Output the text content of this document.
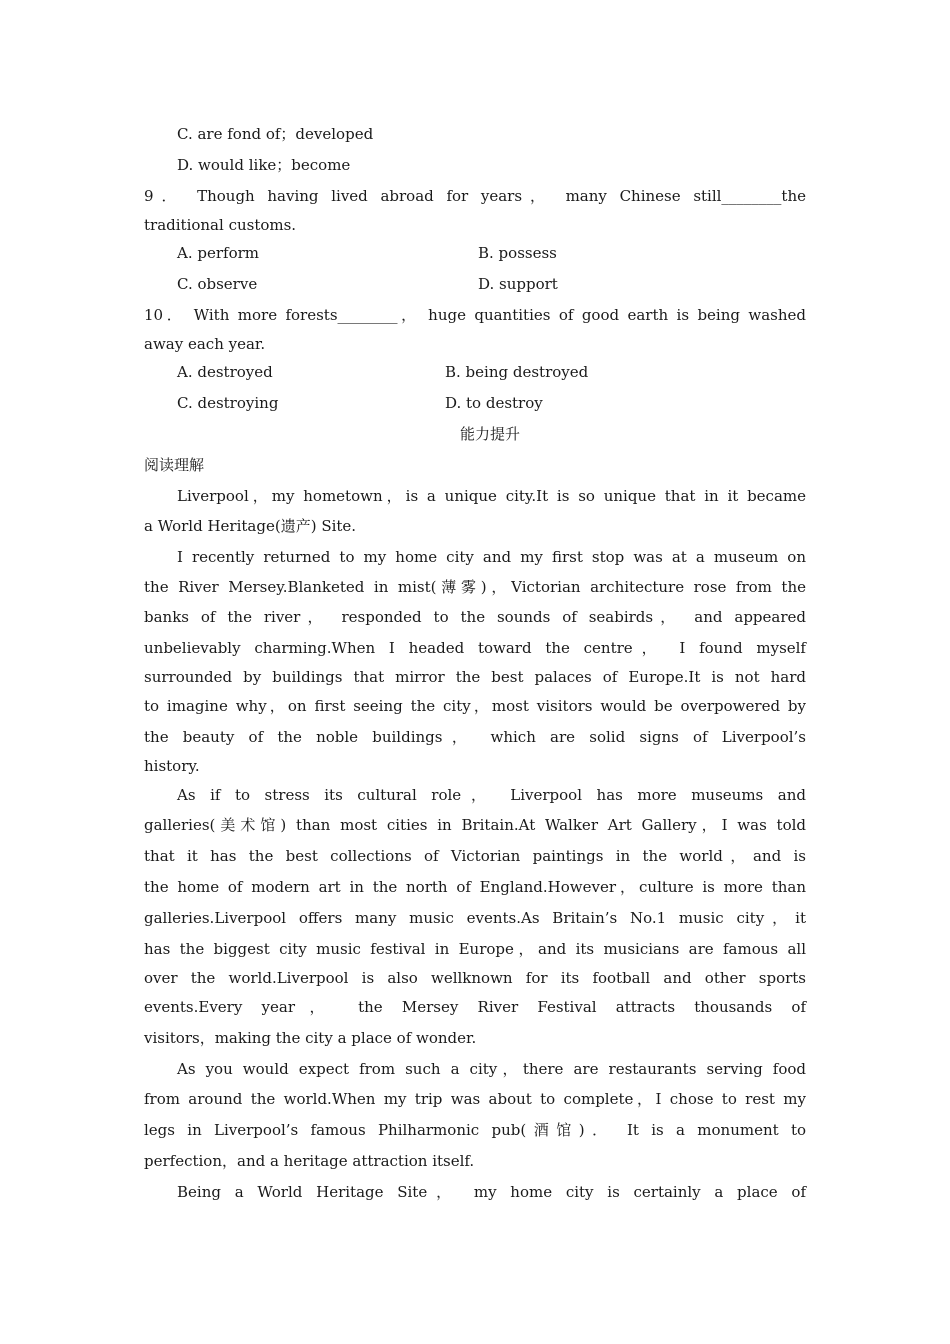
C. are fond of；developed
D. would like；become
9． Though having lived abroad for years， many Chinese still________the
traditional customs.
A. perform	B. possess
C. observe	D. support
10． With more forests________， huge quantities of good earth is being washed
away each year.
A. destroyed	B. being destroyed
C. destroying	D. to destroy
能力提升
阅读理解
Liverpool，my hometown，is a unique city.It is so unique that in it became
a World Heritage(遗产) Site.
I recently returned to my home city and my first stop was at a museum on
the River Mersey.Blanketed in mist(薄雾)，Victorian architecture rose from the
banks of the river， responded to the sounds of seabirds， and appeared
unbelievably charming.When I headed toward the centre， I found myself
surrounded by buildings that mirror the best palaces of Europe.It is not hard
to imagine why，on first seeing the city，most visitors would be overpowered by
the beauty of the noble buildings， which are solid signs of Liverpool’s
history.
As if to stress its cultural role， Liverpool has more museums and
galleries(美术馆) than most cities in Britain.At Walker Art Gallery，I was told
that it has the best collections of Victorian paintings in the world，and is
the home of modern art in the north of England.However，culture is more than
galleries.Liverpool offers many music events.As Britain’s No.1 music city，it
has the biggest city music festival in Europe，and its musicians are famous all
over the world.Liverpool is also wellknown for its football and other sports
events.Every year， the Mersey River Festival attracts thousands of
visitors，making the city a place of wonder.
As you would expect from such a city，there are restaurants serving food
from around the world.When my trip was about to complete，I chose to rest my
legs in Liverpool’s famous Philharmonic pub(酒馆)． It is a monument to
perfection，and a heritage attraction itself.
Being a World Heritage Site， my home city is certainly a place of
